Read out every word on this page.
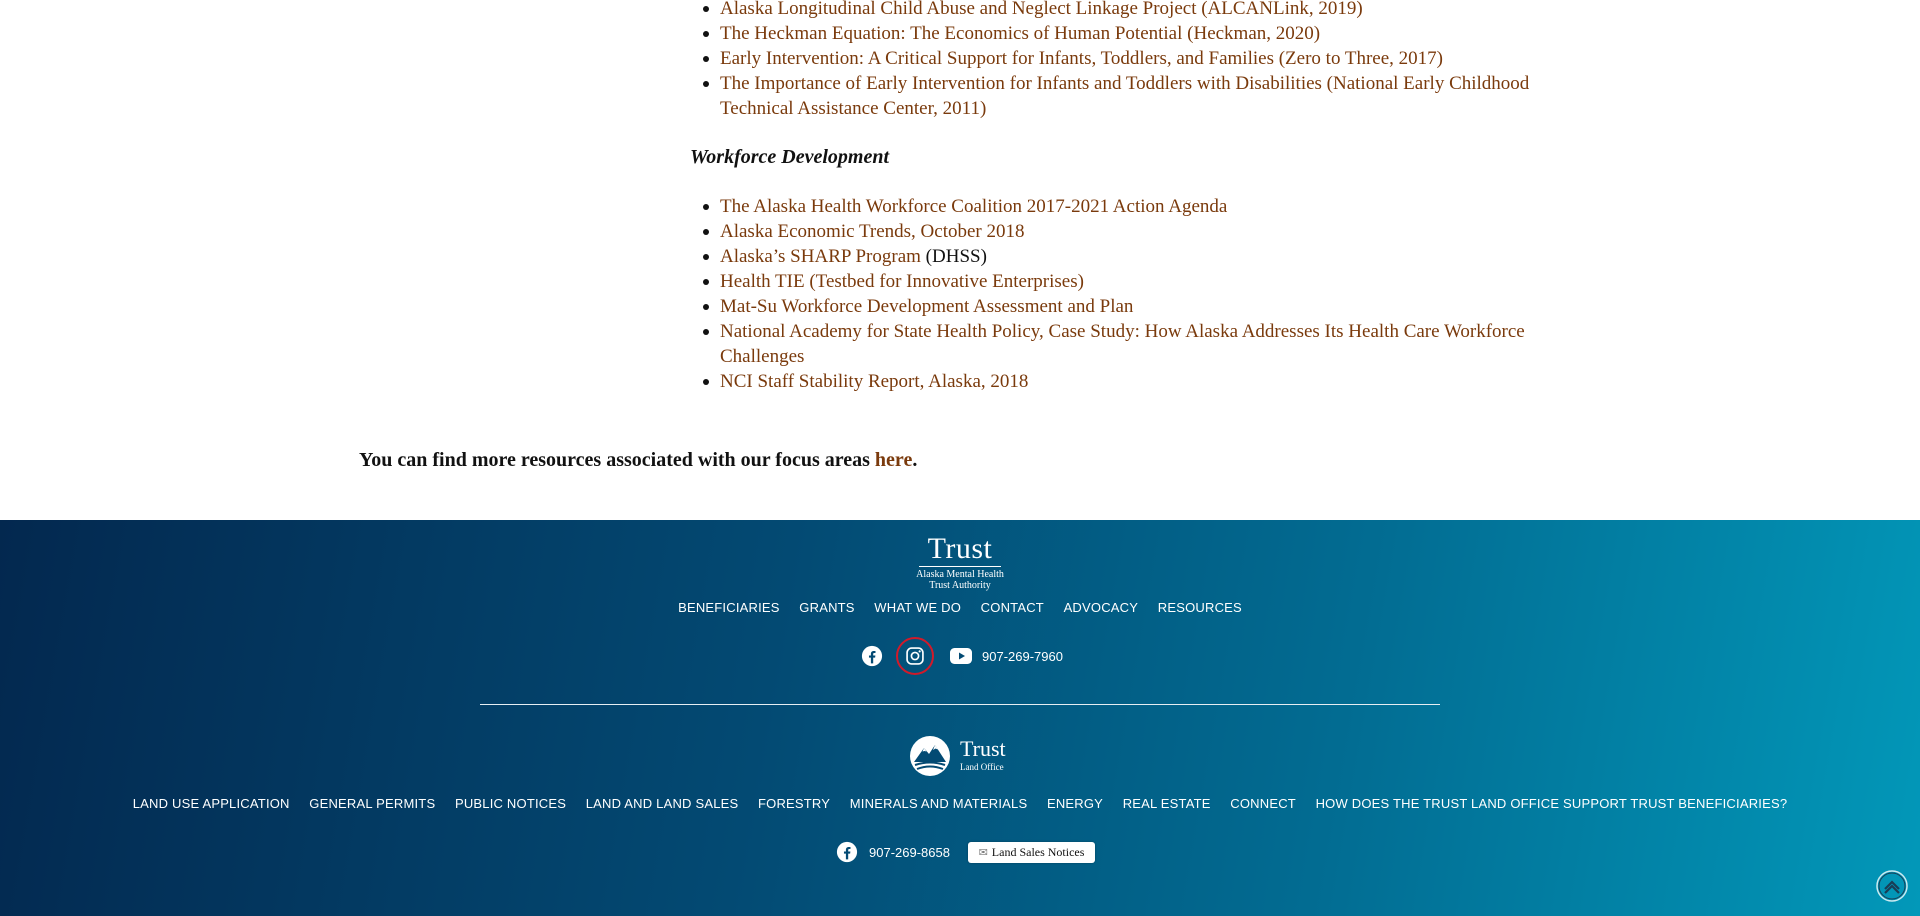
Alaska Longitudinal Child Abuse and Neglect Linkage Project (ALCANLink, 2019)
The Heckman Equation: The Economics of Human Potential (Heckman, 2020)
Early Intervention: A Critical Support for Infants, Toddlers, and Families (Zero to Three, 2017)
The Importance of Early Intervention for Infants and Toddlers with Disabilities (National Early Childhood Technical Assistance Center, 2011)
Workforce Development
The Alaska Health Workforce Coalition 2017-2021 Action Agenda
Alaska Economic Trends, October 2018
Alaska’s SHARP Program (DHSS)
Health TIE (Testbed for Innovative Enterprises)
Mat-Su Workforce Development Assessment and Plan
National Academy for State Health Policy, Case Study: How Alaska Addresses Its Health Care Workforce Challenges
NCI Staff Stability Report, Alaska, 2018
You can find more resources associated with our focus areas here.
Trust
Alaska Mental Health
Trust Authority
BENEFICIARIES GRANTS WHAT WE DO CONTACT ADVOCACY RESOURCES
907-269-7960
Trust
Land Office
LAND USE APPLICATION GENERAL PERMITS PUBLIC NOTICES LAND AND LAND SALES FORESTRY MINERALS AND MATERIALS ENERGY REAL ESTATE CONNECT HOW DOES THE TRUST LAND OFFICE SUPPORT TRUST BENEFICIARIES?
907-269-8658	✉ Land Sales Notices
